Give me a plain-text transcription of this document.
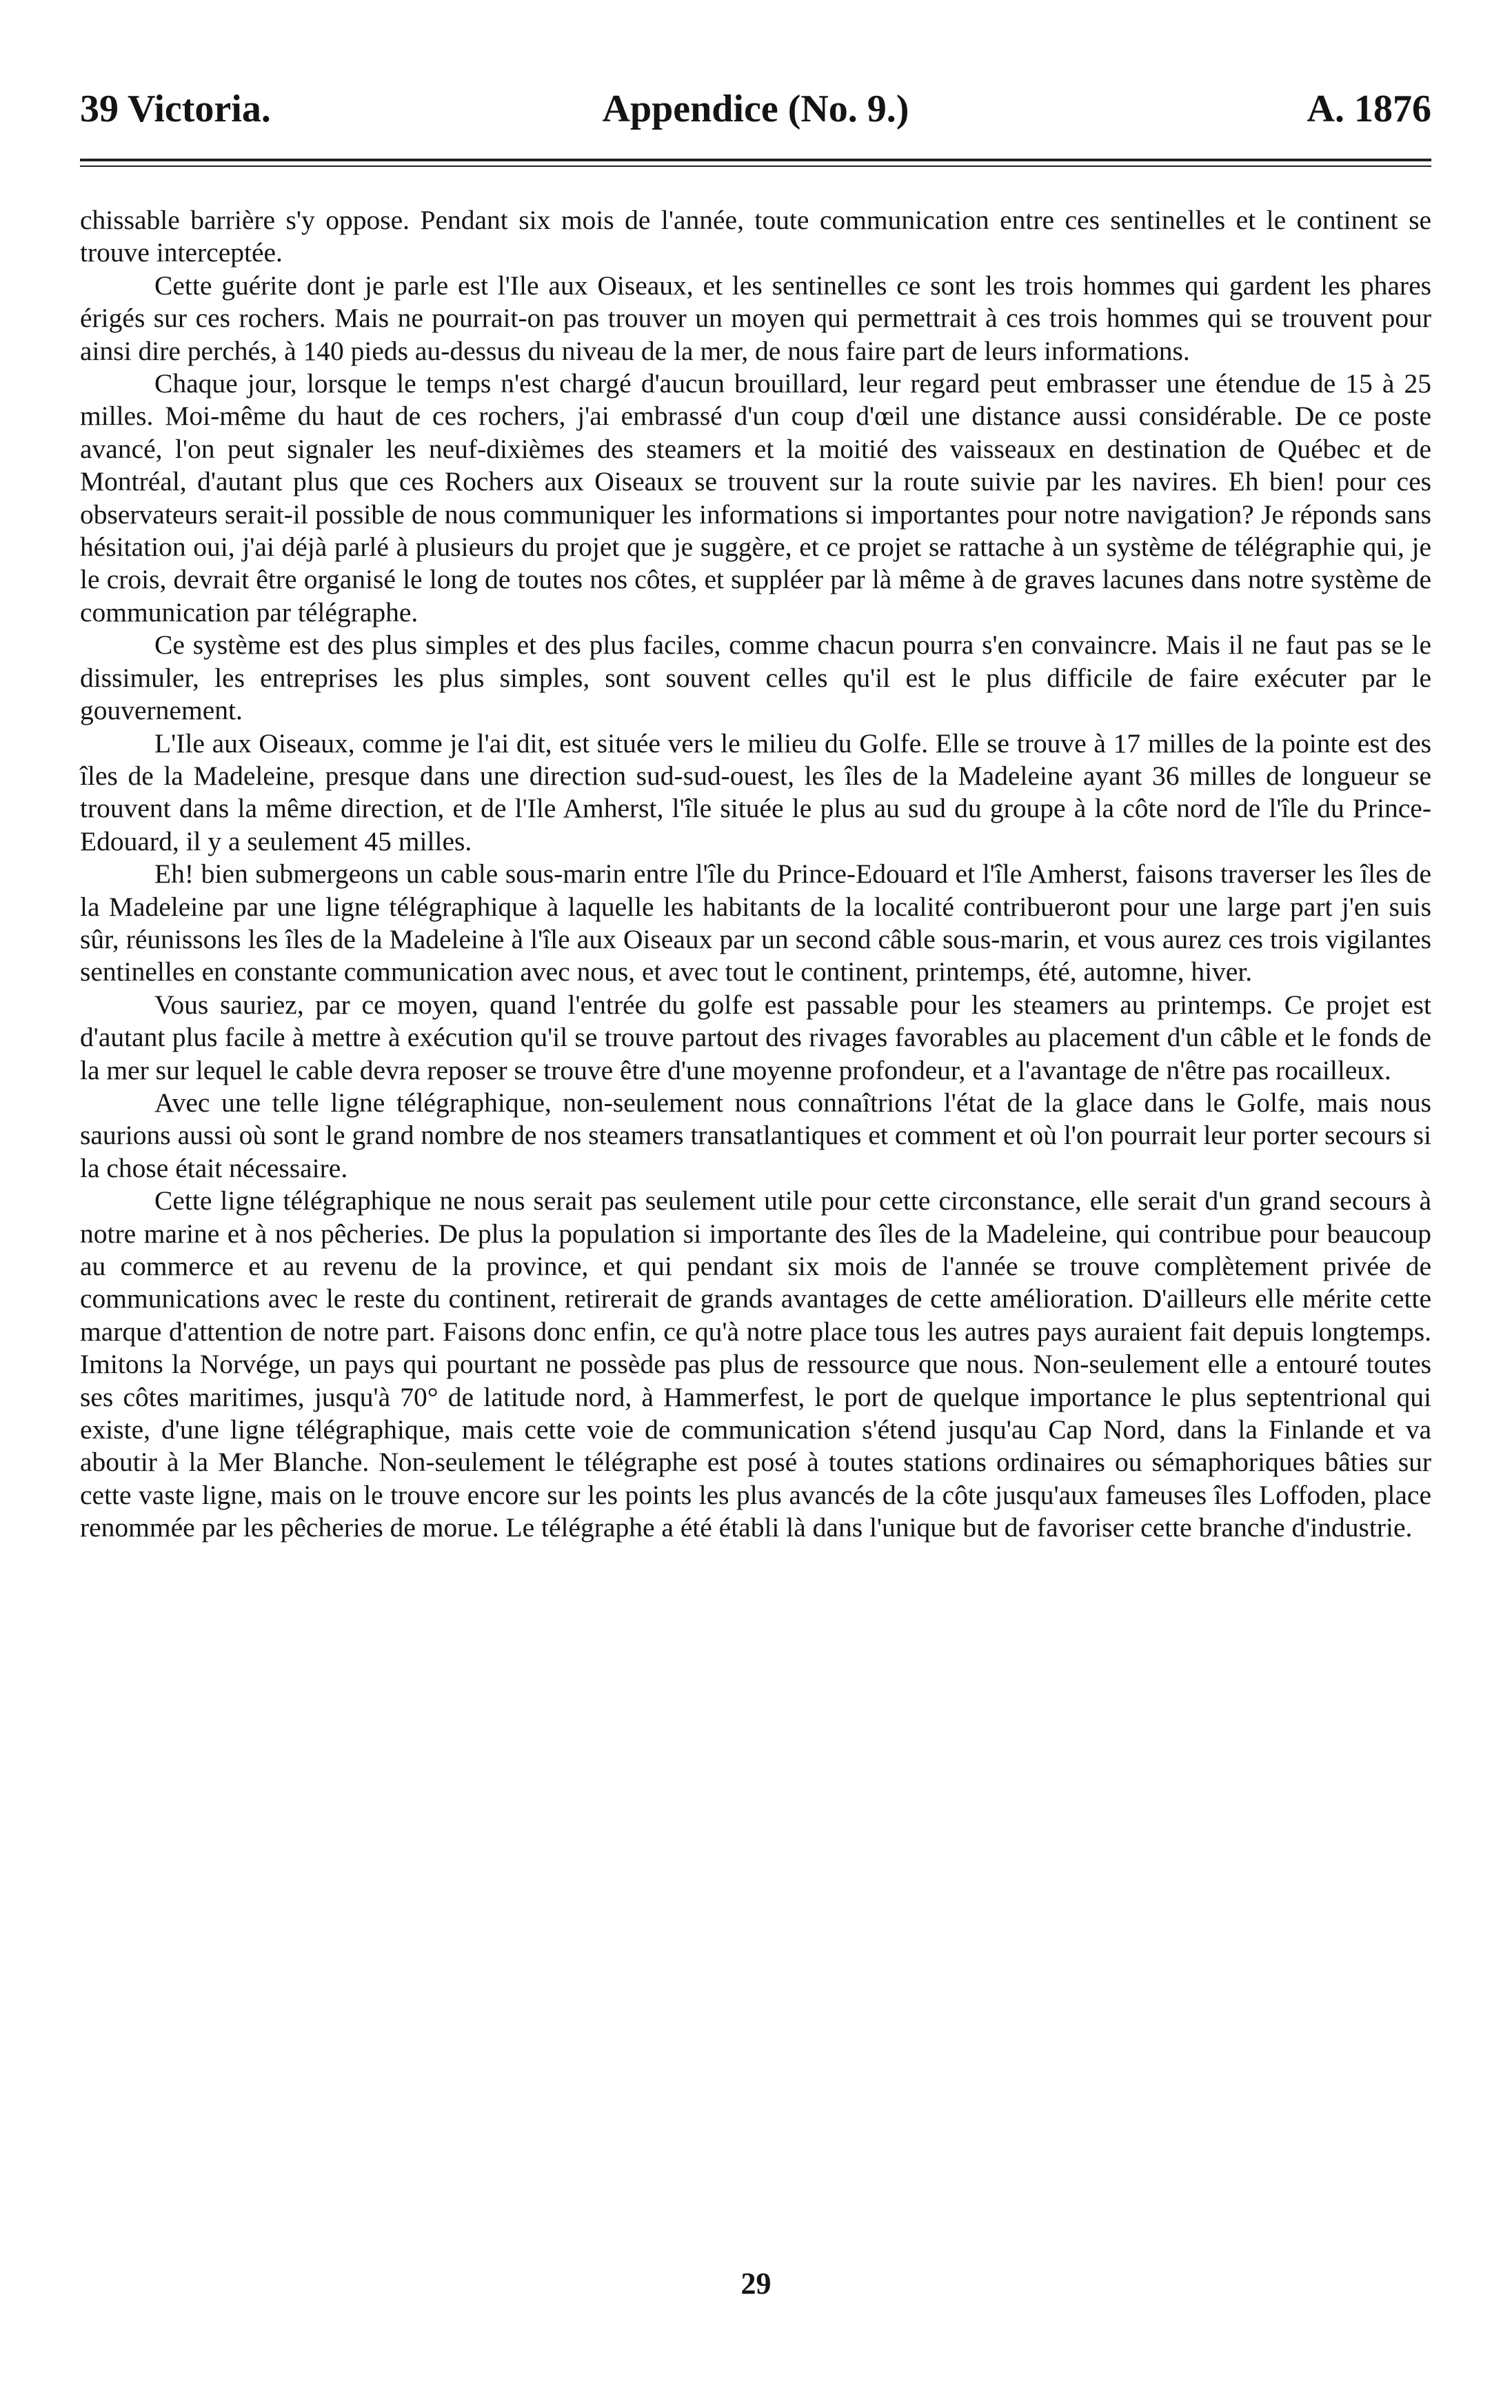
39 Victoria.	Appendice (No. 9.)	A. 1876

chissable barrière s'y oppose. Pendant six mois de l'année, toute communication entre ces sentinelles et le continent se trouve interceptée.

Cette guérite dont je parle est l'Ile aux Oiseaux, et les sentinelles ce sont les trois hommes qui gardent les phares érigés sur ces rochers. Mais ne pourrait-on pas trouver un moyen qui permettrait à ces trois hommes qui se trouvent pour ainsi dire perchés, à 140 pieds au-dessus du niveau de la mer, de nous faire part de leurs informations.

Chaque jour, lorsque le temps n'est chargé d'aucun brouillard, leur regard peut embrasser une étendue de 15 à 25 milles. Moi-même du haut de ces rochers, j'ai embrassé d'un coup d'œil une distance aussi considérable. De ce poste avancé, l'on peut signaler les neuf-dixièmes des steamers et la moitié des vaisseaux en destination de Québec et de Montréal, d'autant plus que ces Rochers aux Oiseaux se trouvent sur la route suivie par les navires. Eh bien! pour ces observateurs serait-il possible de nous communiquer les informations si importantes pour notre navigation? Je réponds sans hésitation oui, j'ai déjà parlé à plusieurs du projet que je suggère, et ce projet se rattache à un système de télégraphie qui, je le crois, devrait être organisé le long de toutes nos côtes, et suppléer par là même à de graves lacunes dans notre système de communication par télégraphe.

Ce système est des plus simples et des plus faciles, comme chacun pourra s'en convaincre. Mais il ne faut pas se le dissimuler, les entreprises les plus simples, sont souvent celles qu'il est le plus difficile de faire exécuter par le gouvernement.

L'Ile aux Oiseaux, comme je l'ai dit, est située vers le milieu du Golfe. Elle se trouve à 17 milles de la pointe est des îles de la Madeleine, presque dans une direction sud-sud-ouest, les îles de la Madeleine ayant 36 milles de longueur se trouvent dans la même direction, et de l'Ile Amherst, l'île située le plus au sud du groupe à la côte nord de l'île du Prince-Edouard, il y a seulement 45 milles.

Eh! bien submergeons un cable sous-marin entre l'île du Prince-Edouard et l'île Amherst, faisons traverser les îles de la Madeleine par une ligne télégraphique à laquelle les habitants de la localité contribueront pour une large part j'en suis sûr, réunissons les îles de la Madeleine à l'île aux Oiseaux par un second câble sous-marin, et vous aurez ces trois vigilantes sentinelles en constante communication avec nous, et avec tout le continent, printemps, été, automne, hiver.

Vous sauriez, par ce moyen, quand l'entrée du golfe est passable pour les steamers au printemps. Ce projet est d'autant plus facile à mettre à exécution qu'il se trouve partout des rivages favorables au placement d'un câble et le fonds de la mer sur lequel le cable devra reposer se trouve être d'une moyenne profondeur, et a l'avantage de n'être pas rocailleux.

Avec une telle ligne télégraphique, non-seulement nous connaîtrions l'état de la glace dans le Golfe, mais nous saurions aussi où sont le grand nombre de nos steamers transatlantiques et comment et où l'on pourrait leur porter secours si la chose était nécessaire.

Cette ligne télégraphique ne nous serait pas seulement utile pour cette circonstance, elle serait d'un grand secours à notre marine et à nos pêcheries. De plus la population si importante des îles de la Madeleine, qui contribue pour beaucoup au commerce et au revenu de la province, et qui pendant six mois de l'année se trouve complètement privée de communications avec le reste du continent, retirerait de grands avantages de cette amélioration. D'ailleurs elle mérite cette marque d'attention de notre part. Faisons donc enfin, ce qu'à notre place tous les autres pays auraient fait depuis longtemps. Imitons la Norvége, un pays qui pourtant ne possède pas plus de ressource que nous. Non-seulement elle a entouré toutes ses côtes maritimes, jusqu'à 70° de latitude nord, à Hammerfest, le port de quelque importance le plus septentrional qui existe, d'une ligne télégraphique, mais cette voie de communication s'étend jusqu'au Cap Nord, dans la Finlande et va aboutir à la Mer Blanche. Non-seulement le télégraphe est posé à toutes stations ordinaires ou sémaphoriques bâties sur cette vaste ligne, mais on le trouve encore sur les points les plus avancés de la côte jusqu'aux fameuses îles Loffoden, place renommée par les pêcheries de morue. Le télégraphe a été établi là dans l'unique but de favoriser cette branche d'industrie.

29
